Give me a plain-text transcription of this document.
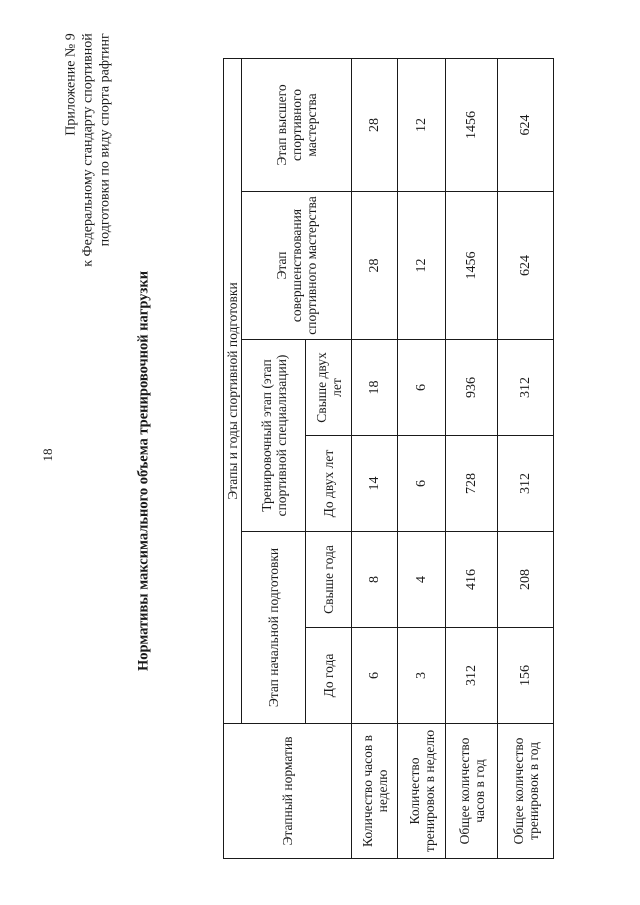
18
Приложение № 9 к Федеральному стандарту спортивной подготовки по виду спорта рафтинг
Нормативы максимального объема тренировочной нагрузки
Этапный норматив	Этапы и годы спортивной подготовки					
	Этап начальной подготовки		Тренировочный этап (этап спортивной специализации)		Этап совершенствования спортивного мастерства	Этап высшего спортивного мастерства
	До года	Свыше года	До двух лет	Свыше двух лет		
Количество часов в неделю	6	8	14	18	28	28
Количество тренировок в неделю	3	4	6	6	12	12
Общее количество часов в год	312	416	728	936	1456	1456
Общее количество тренировок в год	156	208	312	312	624	624
